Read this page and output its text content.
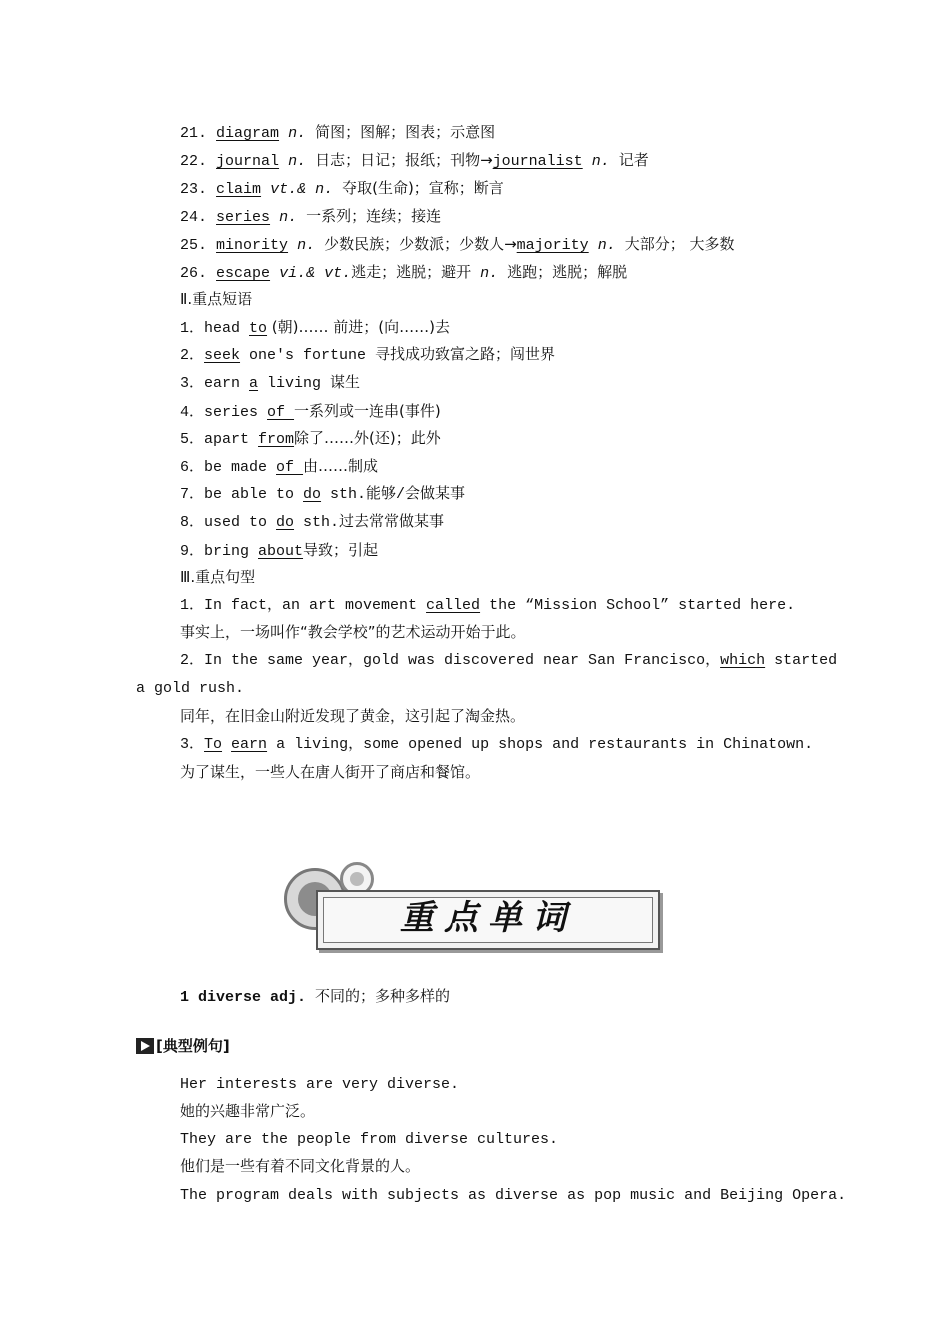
21. diagram n. 简图；图解；图表；示意图
22. journal n. 日志；日记；报纸；刊物→journalist n. 记者
23. claim vt.& n. 夺取(生命)；宣称；断言
24. series n. 一系列；连续；接连
25. minority n. 少数民族；少数派；少数人→majority n. 大部分； 大多数
26. escape vi.& vt.逃走；逃脱；避开 n. 逃跑；逃脱；解脱
Ⅱ.重点短语
1．head to (朝)…… 前进；(向……)去
2．seek one's fortune 寻找成功致富之路；闯世界
3．earn a living 谋生
4．series of 一系列或一连串(事件)
5．apart from除了……外(还)；此外
6．be made of 由……制成
7．be able to do sth.能够/会做某事
8．used to do sth.过去常常做某事
9．bring about导致；引起
Ⅲ.重点句型
1．In fact，an art movement called the “Mission School” started here.
事实上，一场叫作“教会学校”的艺术运动开始于此。
2．In the same year，gold was discovered near San Francisco，which started
a gold rush.
同年，在旧金山附近发现了黄金，这引起了淘金热。
3．To earn a living，some opened up shops and restaurants in Chinatown.
为了谋生，一些人在唐人街开了商店和餐馆。
重点单词
1 diverse adj. 不同的；多种多样的
[典型例句]
Her interests are very diverse.
她的兴趣非常广泛。
They are the people from diverse cultures.
他们是一些有着不同文化背景的人。
The program deals with subjects as diverse as pop music and Beijing Opera.
